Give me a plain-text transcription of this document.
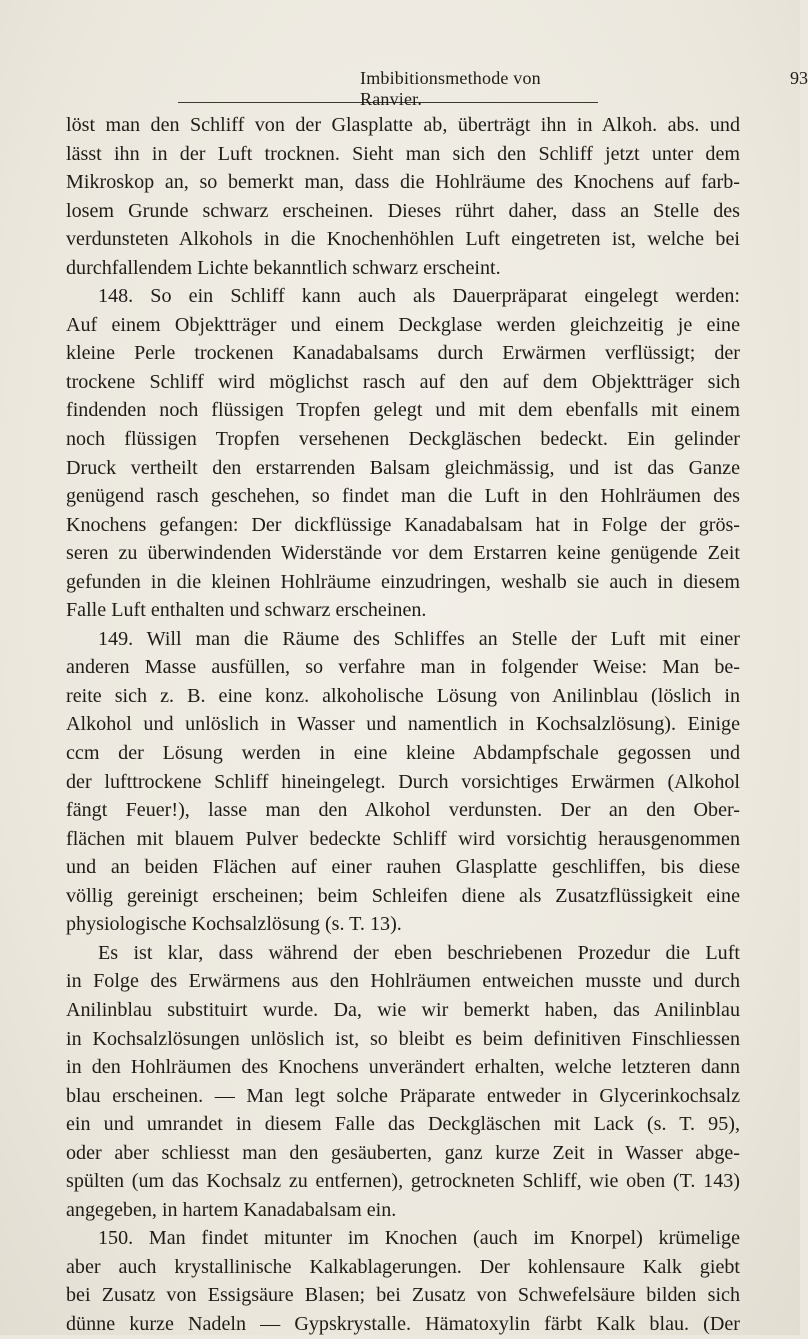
Imbibitionsmethode von Ranvier.
93
löst man den Schliff von der Glasplatte ab, überträgt ihn in Alkoh. abs. und
lässt ihn in der Luft trocknen. Sieht man sich den Schliff jetzt unter dem
Mikroskop an, so bemerkt man, dass die Hohlräume des Knochens auf farb-
losem Grunde schwarz erscheinen. Dieses rührt daher, dass an Stelle des
verdunsteten Alkohols in die Knochenhöhlen Luft eingetreten ist, welche bei
durchfallendem Lichte bekanntlich schwarz erscheint.
148. So ein Schliff kann auch als Dauerpräparat eingelegt werden:
Auf einem Objektträger und einem Deckglase werden gleichzeitig je eine
kleine Perle trockenen Kanadabalsams durch Erwärmen verflüssigt; der
trockene Schliff wird möglichst rasch auf den auf dem Objektträger sich
findenden noch flüssigen Tropfen gelegt und mit dem ebenfalls mit einem
noch flüssigen Tropfen versehenen Deckgläschen bedeckt. Ein gelinder
Druck vertheilt den erstarrenden Balsam gleichmässig, und ist das Ganze
genügend rasch geschehen, so findet man die Luft in den Hohlräumen des
Knochens gefangen: Der dickflüssige Kanadabalsam hat in Folge der grös-
seren zu überwindenden Widerstände vor dem Erstarren keine genügende Zeit
gefunden in die kleinen Hohlräume einzudringen, weshalb sie auch in diesem
Falle Luft enthalten und schwarz erscheinen.
149. Will man die Räume des Schliffes an Stelle der Luft mit einer
anderen Masse ausfüllen, so verfahre man in folgender Weise: Man be-
reite sich z. B. eine konz. alkoholische Lösung von Anilinblau (löslich in
Alkohol und unlöslich in Wasser und namentlich in Kochsalzlösung). Einige
ccm der Lösung werden in eine kleine Abdampfschale gegossen und
der lufttrockene Schliff hineingelegt. Durch vorsichtiges Erwärmen (Alkohol
fängt Feuer!), lasse man den Alkohol verdunsten. Der an den Ober-
flächen mit blauem Pulver bedeckte Schliff wird vorsichtig herausgenommen
und an beiden Flächen auf einer rauhen Glasplatte geschliffen, bis diese
völlig gereinigt erscheinen; beim Schleifen diene als Zusatzflüssigkeit eine
physiologische Kochsalzlösung (s. T. 13).
Es ist klar, dass während der eben beschriebenen Prozedur die Luft
in Folge des Erwärmens aus den Hohlräumen entweichen musste und durch
Anilinblau substituirt wurde. Da, wie wir bemerkt haben, das Anilinblau
in Kochsalzlösungen unlöslich ist, so bleibt es beim definitiven Finschliessen
in den Hohlräumen des Knochens unverändert erhalten, welche letzteren dann
blau erscheinen. — Man legt solche Präparate entweder in Glycerinkochsalz
ein und umrandet in diesem Falle das Deckgläschen mit Lack (s. T. 95),
oder aber schliesst man den gesäuberten, ganz kurze Zeit in Wasser abge-
spülten (um das Kochsalz zu entfernen), getrockneten Schliff, wie oben (T. 143)
angegeben, in hartem Kanadabalsam ein.
150. Man findet mitunter im Knochen (auch im Knorpel) krümelige
aber auch krystallinische Kalkablagerungen. Der kohlensaure Kalk giebt
bei Zusatz von Essigsäure Blasen; bei Zusatz von Schwefelsäure bilden sich
dünne kurze Nadeln — Gypskrystalle. Hämatoxylin färbt Kalk blau. (Der
